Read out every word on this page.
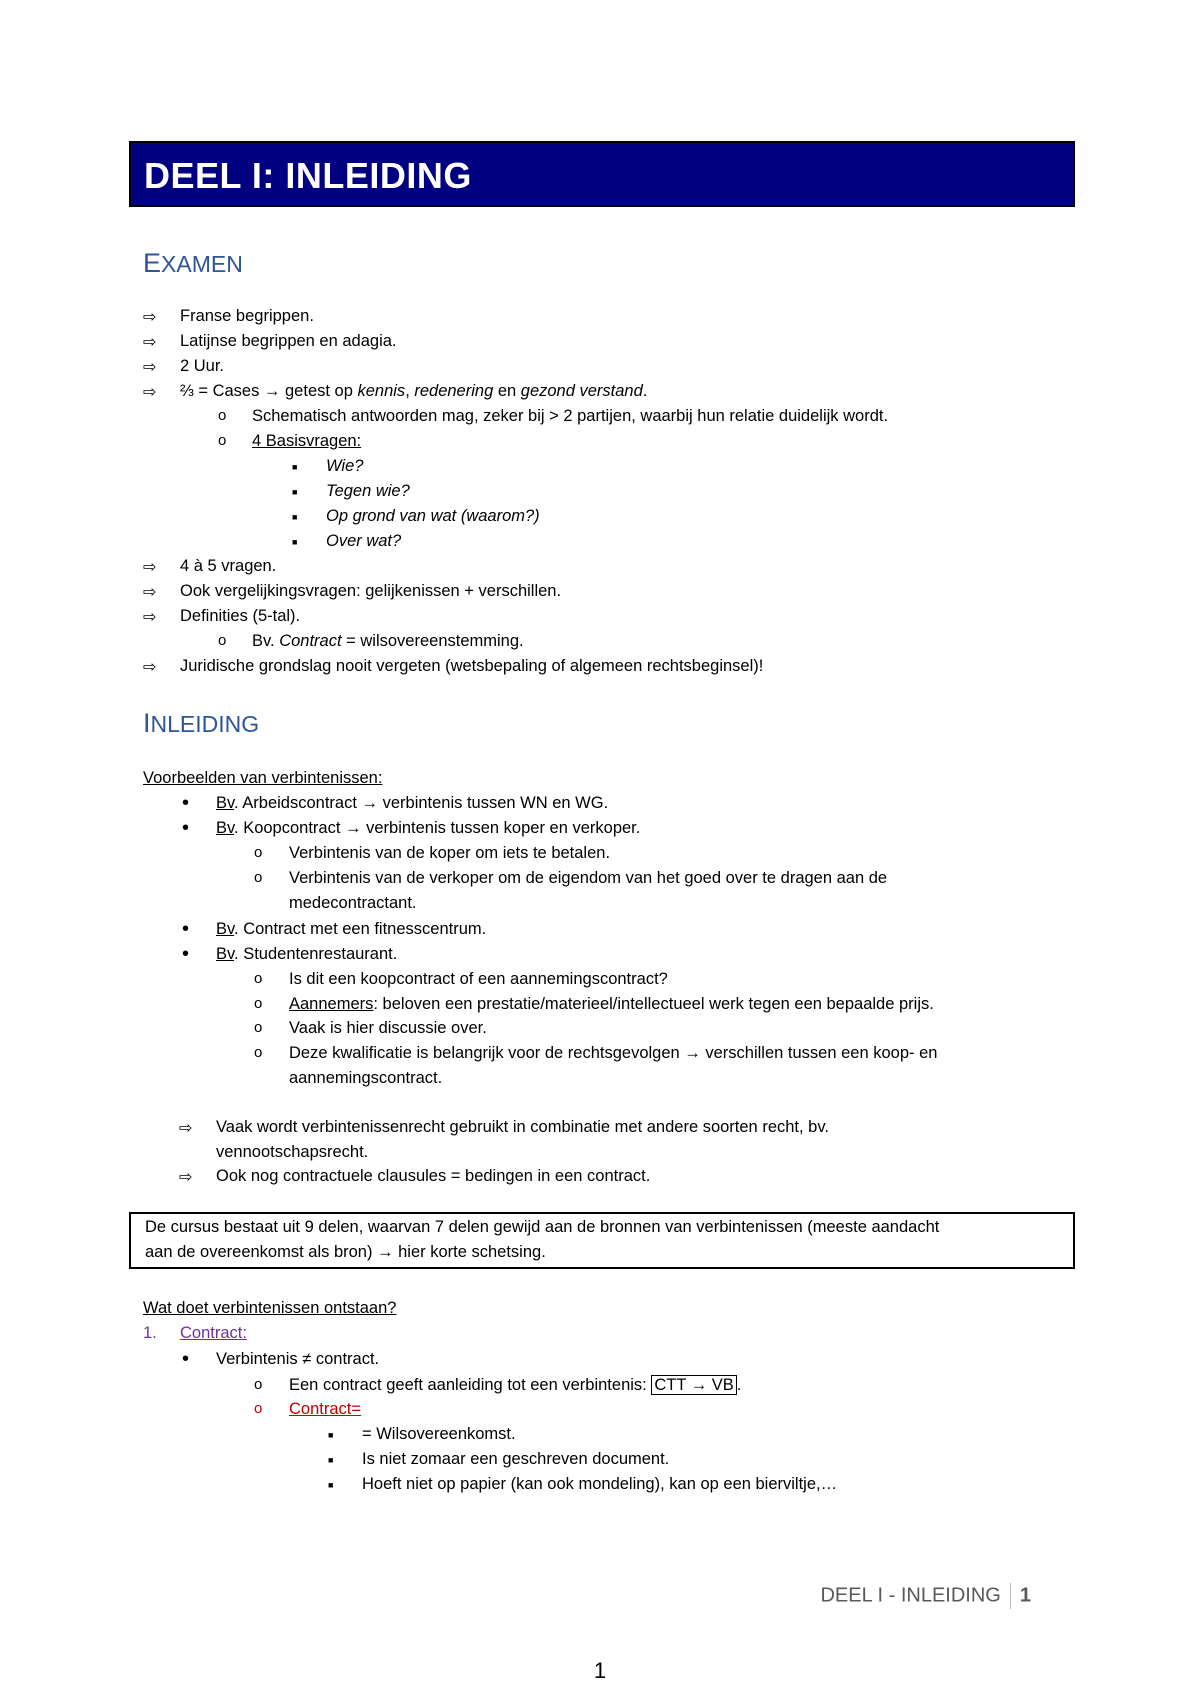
DEEL I: INLEIDING
EXAMEN
⇨ Franse begrippen.
⇨ Latijnse begrippen en adagia.
⇨ 2 Uur.
⇨ ⅔ = Cases → getest op kennis, redenering en gezond verstand.
o Schematisch antwoorden mag, zeker bij > 2 partijen, waarbij hun relatie duidelijk wordt.
o 4 Basisvragen:
■ Wie?
■ Tegen wie?
■ Op grond van wat (waarom?)
■ Over wat?
⇨ 4 à 5 vragen.
⇨ Ook vergelijkingsvragen: gelijkenissen + verschillen.
⇨ Definities (5-tal).
o Bv. Contract = wilsovereenstemming.
⇨ Juridische grondslag nooit vergeten (wetsbepaling of algemeen rechtsbeginsel)!
INLEIDING
Voorbeelden van verbintenissen:
• Bv. Arbeidscontract → verbintenis tussen WN en WG.
• Bv. Koopcontract → verbintenis tussen koper en verkoper.
o Verbintenis van de koper om iets te betalen.
o Verbintenis van de verkoper om de eigendom van het goed over te dragen aan de
medecontractant.
• Bv. Contract met een fitnesscentrum.
• Bv. Studentenrestaurant.
o Is dit een koopcontract of een aannemingscontract?
o Aannemers: beloven een prestatie/materieel/intellectueel werk tegen een bepaalde prijs.
o Vaak is hier discussie over.
o Deze kwalificatie is belangrijk voor de rechtsgevolgen → verschillen tussen een koop- en
aannemingscontract.
⇨ Vaak wordt verbintenissenrecht gebruikt in combinatie met andere soorten recht, bv.
vennootschapsrecht.
⇨ Ook nog contractuele clausules = bedingen in een contract.
De cursus bestaat uit 9 delen, waarvan 7 delen gewijd aan de bronnen van verbintenissen (meeste aandacht
aan de overeenkomst als bron) → hier korte schetsing.
Wat doet verbintenissen ontstaan?
1. Contract:
• Verbintenis ≠ contract.
o Een contract geeft aanleiding tot een verbintenis: CTT → VB .
o Contract=
■ = Wilsovereenkomst.
■ Is niet zomaar een geschreven document.
■ Hoeft niet op papier (kan ook mondeling), kan op een bierviltje,…
DEEL I - INLEIDING 1
1
